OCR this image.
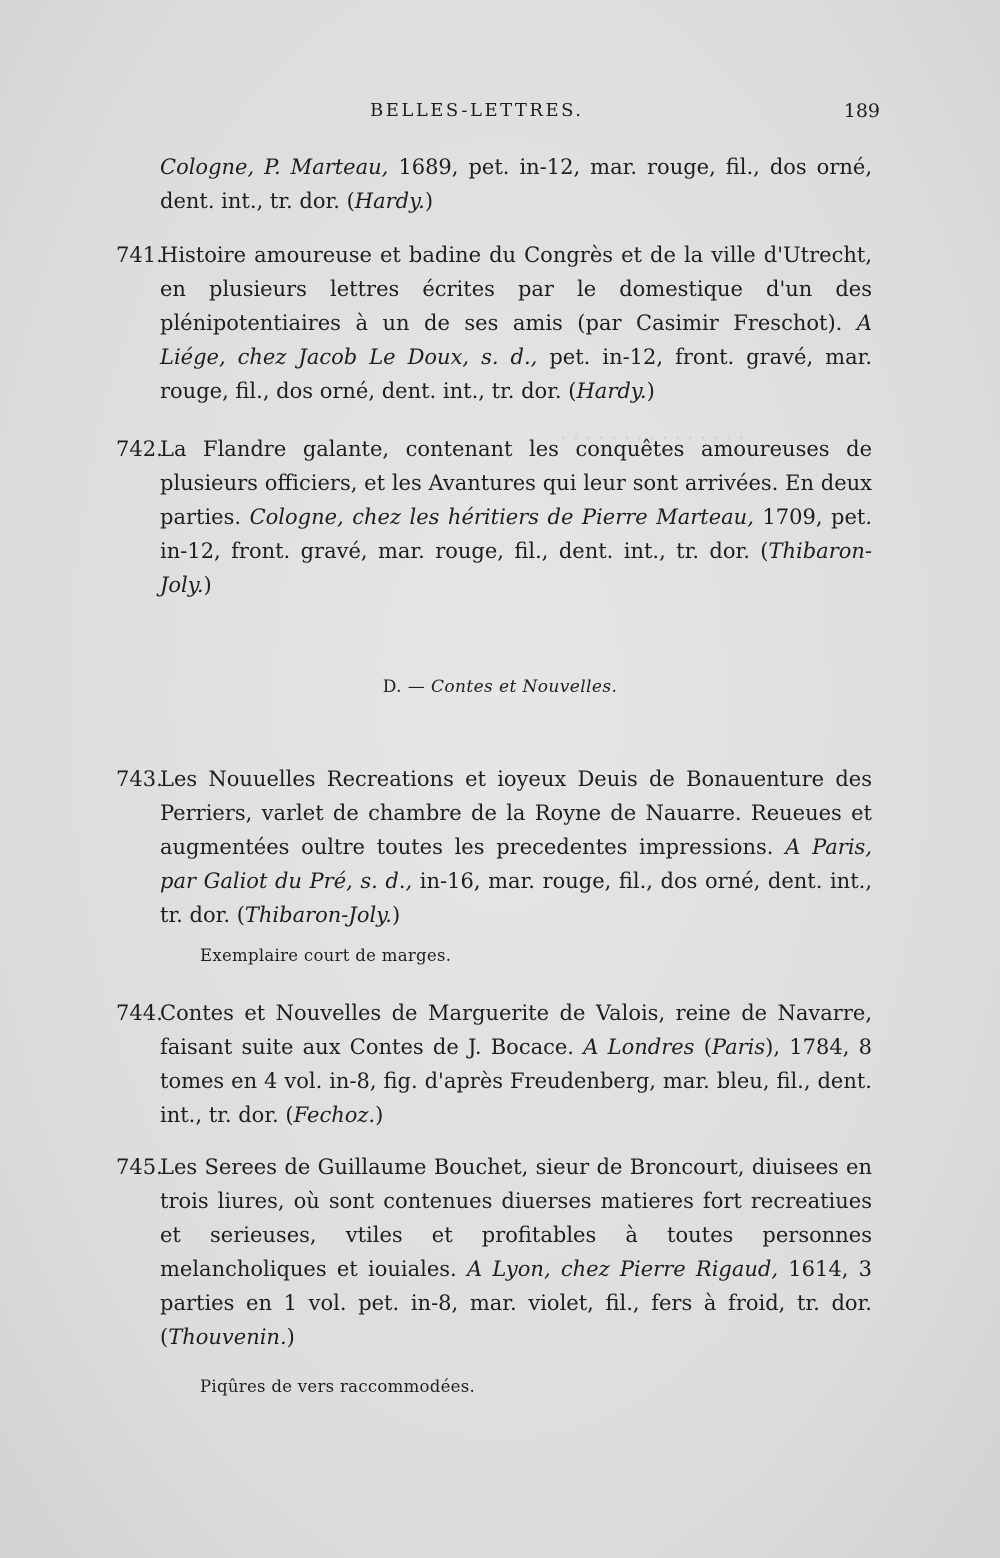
. . . . . . . . . . . . . . .
BELLES-LETTRES.	189
Cologne, P. Marteau, 1689, pet. in-12, mar. rouge, fil., dos orné, dent. int., tr. dor. (Hardy.)
741.
Histoire amoureuse et badine du Congrès et de la ville d'Utrecht, en plusieurs lettres écrites par le domestique d'un des plénipotentiaires à un de ses amis (par Casimir Freschot). A Liége, chez Jacob Le Doux, s. d., pet. in-12, front. gravé, mar. rouge, fil., dos orné, dent. int., tr. dor. (Hardy.)
742.
La Flandre galante, contenant les conquêtes amoureuses de plusieurs officiers, et les Avantures qui leur sont arrivées. En deux parties. Cologne, chez les héritiers de Pierre Marteau, 1709, pet. in-12, front. gravé, mar. rouge, fil., dent. int., tr. dor. (Thibaron-Joly.)
D. — Contes et Nouvelles.
743.
Les Nouuelles Recreations et ioyeux Deuis de Bonauenture des Perriers, varlet de chambre de la Royne de Nauarre. Reueues et augmentées oultre toutes les precedentes impressions. A Paris, par Galiot du Pré, s. d., in-16, mar. rouge, fil., dos orné, dent. int., tr. dor. (Thibaron-Joly.)
Exemplaire court de marges.
744.
Contes et Nouvelles de Marguerite de Valois, reine de Navarre, faisant suite aux Contes de J. Bocace. A Londres (Paris), 1784, 8 tomes en 4 vol. in-8, fig. d'après Freudenberg, mar. bleu, fil., dent. int., tr. dor. (Fechoz.)
745.
Les Serees de Guillaume Bouchet, sieur de Broncourt, diuisees en trois liures, où sont contenues diuerses matieres fort recreatiues et serieuses, vtiles et profitables à toutes personnes melancholiques et iouiales. A Lyon, chez Pierre Rigaud, 1614, 3 parties en 1 vol. pet. in-8, mar. violet, fil., fers à froid, tr. dor. (Thouvenin.)
Piqûres de vers raccommodées.
